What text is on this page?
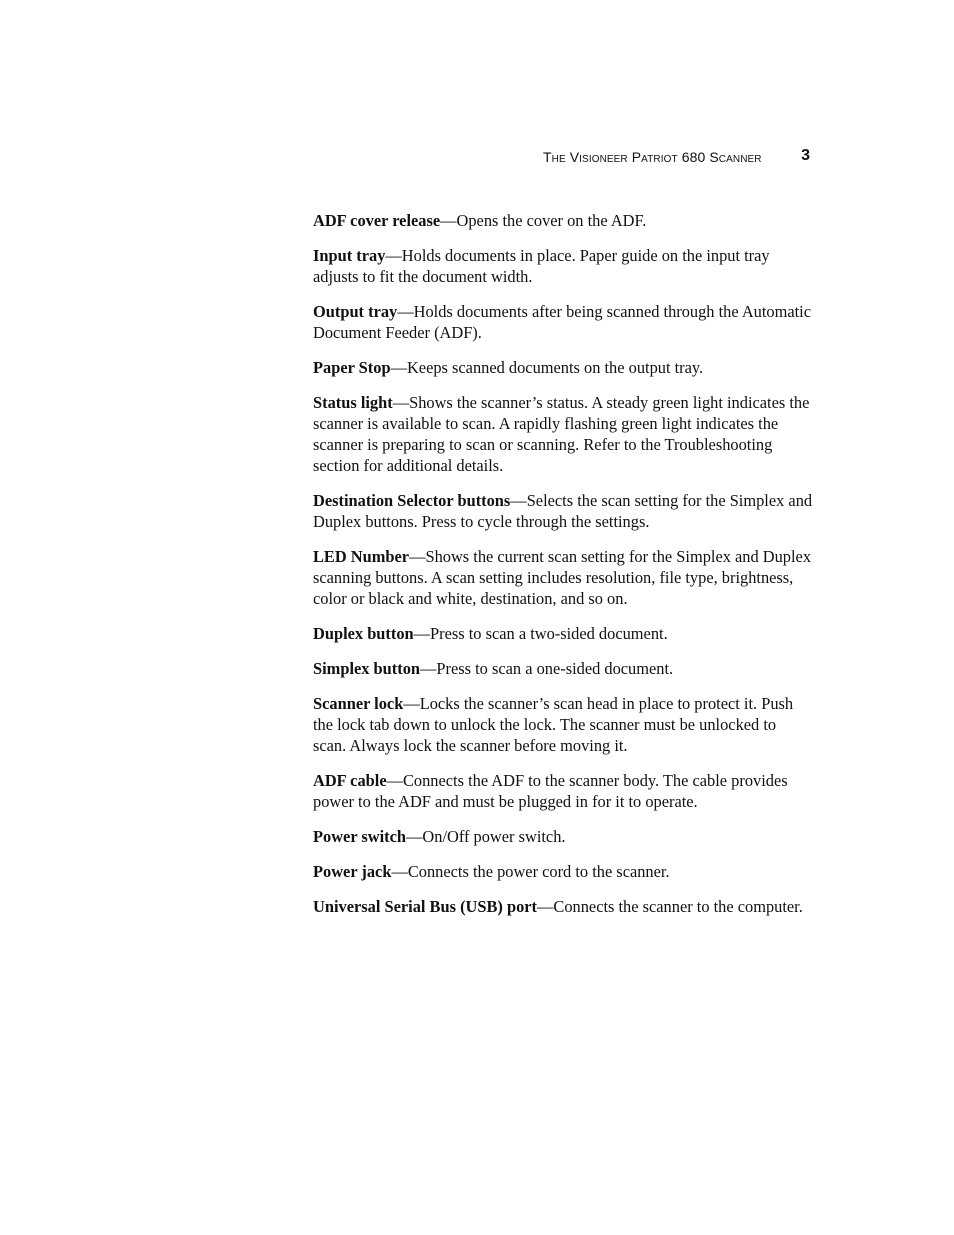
The Visioneer Patriot 680 Scanner 3
ADF cover release—Opens the cover on the ADF.
Input tray—Holds documents in place. Paper guide on the input tray adjusts to fit the document width.
Output tray—Holds documents after being scanned through the Automatic Document Feeder (ADF).
Paper Stop—Keeps scanned documents on the output tray.
Status light—Shows the scanner’s status. A steady green light indicates the scanner is available to scan. A rapidly flashing green light indicates the scanner is preparing to scan or scanning. Refer to the Troubleshooting section for additional details.
Destination Selector buttons—Selects the scan setting for the Simplex and Duplex buttons. Press to cycle through the settings.
LED Number—Shows the current scan setting for the Simplex and Duplex scanning buttons. A scan setting includes resolution, file type, brightness, color or black and white, destination, and so on.
Duplex button—Press to scan a two-sided document.
Simplex button—Press to scan a one-sided document.
Scanner lock—Locks the scanner’s scan head in place to protect it. Push the lock tab down to unlock the lock. The scanner must be unlocked to scan. Always lock the scanner before moving it.
ADF cable—Connects the ADF to the scanner body. The cable provides power to the ADF and must be plugged in for it to operate.
Power switch—On/Off power switch.
Power jack—Connects the power cord to the scanner.
Universal Serial Bus (USB) port—Connects the scanner to the computer.
